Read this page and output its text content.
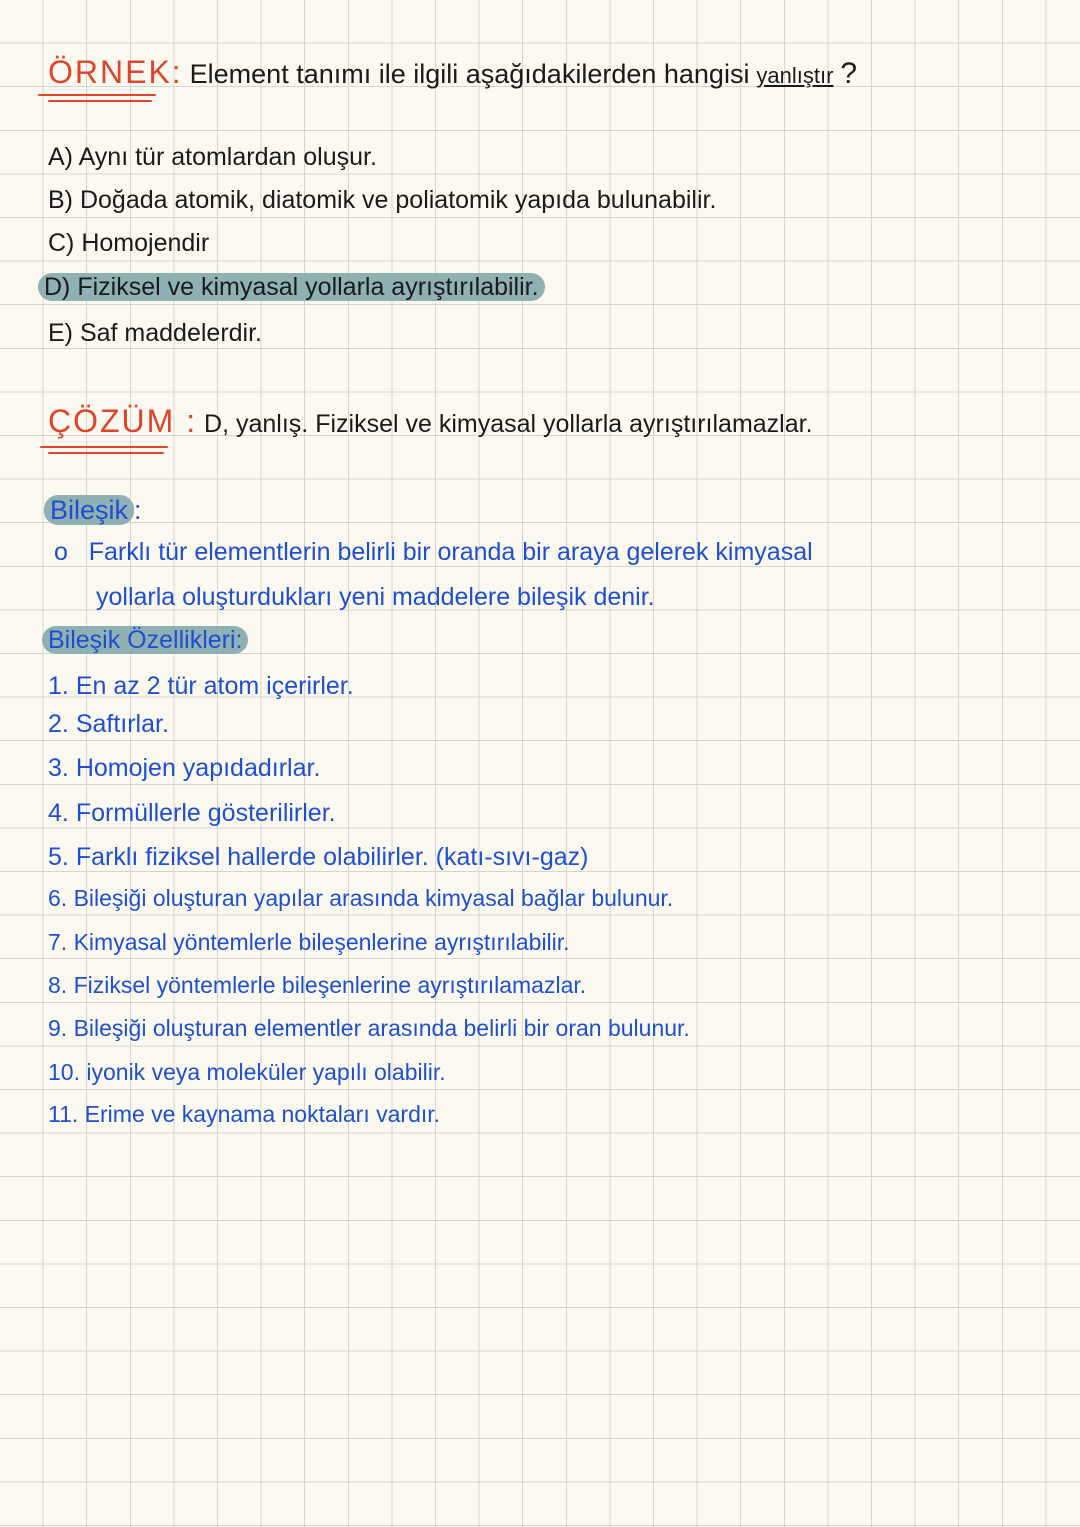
ÖRNEK: Element tanımı ile ilgili aşağıdakilerden hangisi yanlıştır ?
A) Aynı tür atomlardan oluşur.
B) Doğada atomik, diatomik ve poliatomik yapıda bulunabilir.
C) Homojendir
D) Fiziksel ve kimyasal yollarla ayrıştırılabilir.
E) Saf maddelerdir.
ÇÖZÜM : D, yanlış. Fiziksel ve kimyasal yollarla ayrıştırılamazlar.
Bileşik :
o Farklı tür elementlerin belirli bir oranda bir araya gelerek kimyasal
yollarla oluşturdukları yeni maddelere bileşik denir.
Bileşik Özellikleri:
1. En az 2 tür atom içerirler.
2. Saftırlar.
3. Homojen yapıdadırlar.
4. Formüllerle gösterilirler.
5. Farklı fiziksel hallerde olabilirler. (katı-sıvı-gaz)
6. Bileşiği oluşturan yapılar arasında kimyasal bağlar bulunur.
7. Kimyasal yöntemlerle bileşenlerine ayrıştırılabilir.
8. Fiziksel yöntemlerle bileşenlerine ayrıştırılamazlar.
9. Bileşiği oluşturan elementler arasında belirli bir oran bulunur.
10. iyonik veya moleküler yapılı olabilir.
11. Erime ve kaynama noktaları vardır.
